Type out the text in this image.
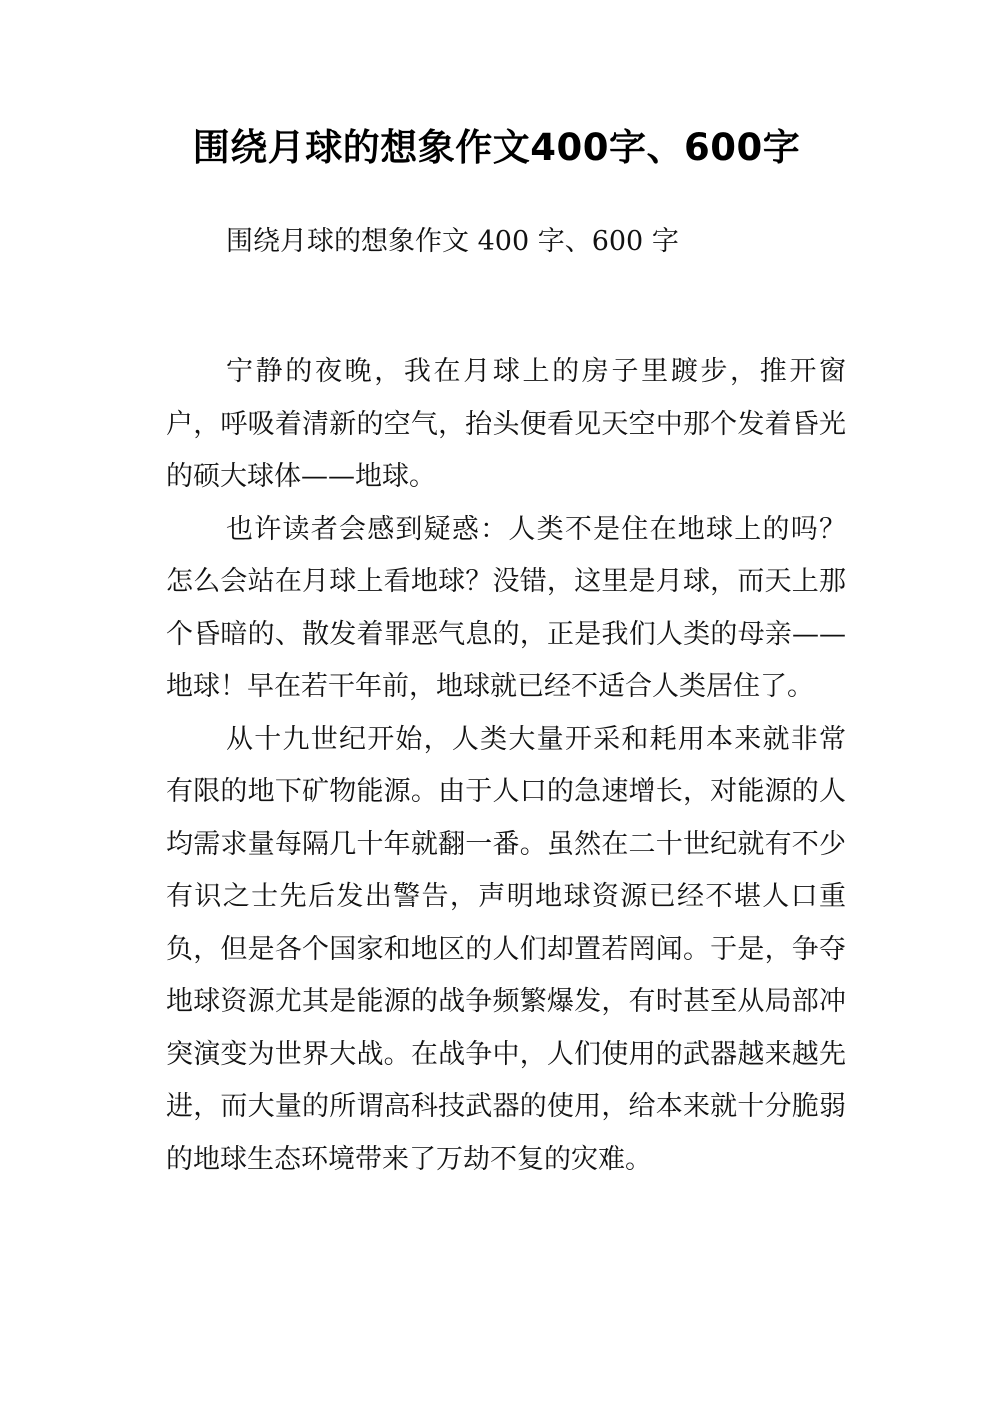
围绕月球的想象作文400字、600字
围绕月球的想象作文 400 字、600 字

宁静的夜晚，我在月球上的房子里踱步，推开窗户，呼吸着清新的空气，抬头便看见天空中那个发着昏光的硕大球体——地球。

也许读者会感到疑惑：人类不是住在地球上的吗？怎么会站在月球上看地球？没错，这里是月球，而天上那个昏暗的、散发着罪恶气息的，正是我们人类的母亲——地球！早在若干年前，地球就已经不适合人类居住了。

从十九世纪开始，人类大量开采和耗用本来就非常有限的地下矿物能源。由于人口的急速增长，对能源的人均需求量每隔几十年就翻一番。虽然在二十世纪就有不少有识之士先后发出警告，声明地球资源已经不堪人口重负，但是各个国家和地区的人们却置若罔闻。于是，争夺地球资源尤其是能源的战争频繁爆发，有时甚至从局部冲突演变为世界大战。在战争中，人们使用的武器越来越先进，而大量的所谓高科技武器的使用，给本来就十分脆弱的地球生态环境带来了万劫不复的灾难。
